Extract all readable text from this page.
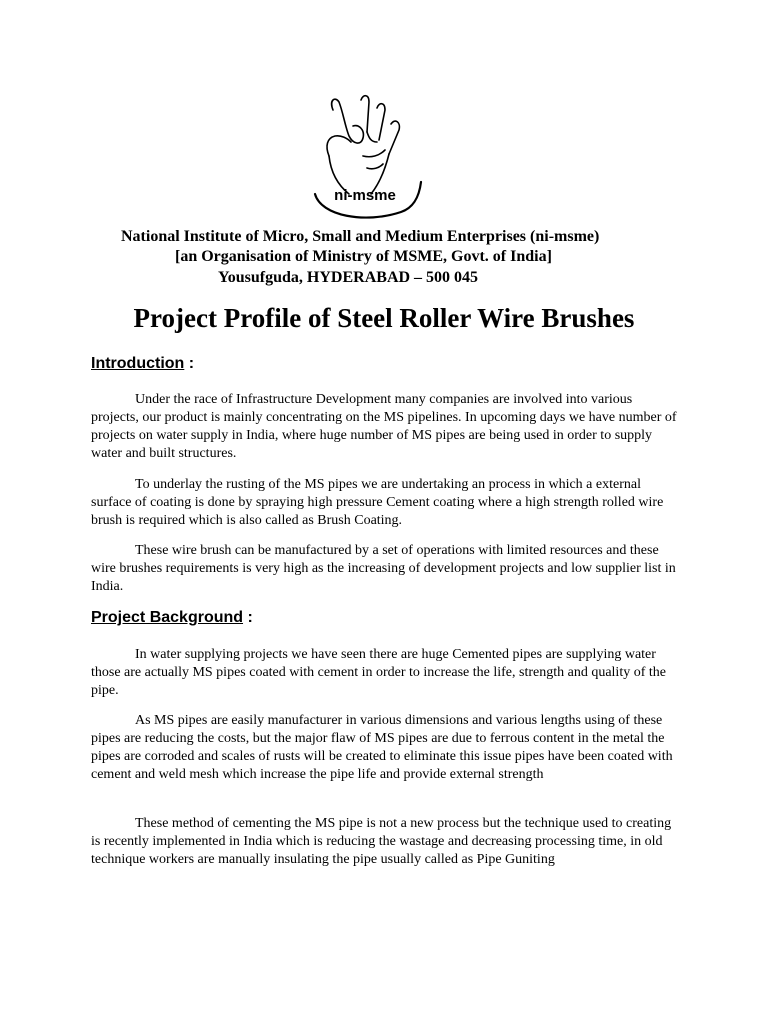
ni-msme
National Institute of Micro, Small and Medium Enterprises (ni-msme)
[an Organisation of Ministry of MSME, Govt. of India]
Yousufguda, HYDERABAD – 500 045
Project Profile of Steel Roller Wire Brushes
Introduction :

Under the race of Infrastructure Development many companies are involved into various projects, our product is mainly concentrating on the MS pipelines. In upcoming days we have number of projects on water supply in India, where huge number of MS pipes are being used in order to supply water and built structures.

To underlay the rusting of the MS pipes we are undertaking an process in which a external surface of coating is done by spraying high pressure Cement coating where a high strength rolled wire brush is required which is also called as Brush Coating.

These wire brush can be manufactured by a set of operations with limited resources and these wire brushes requirements is very high as the increasing of development projects and low supplier list in India.

Project Background :

In water supplying projects we have seen there are huge Cemented pipes are supplying water those are actually MS pipes coated with cement in order to increase the life, strength and quality of the pipe.

As MS pipes are easily manufacturer in various dimensions and various lengths using of these pipes are reducing the costs, but the major flaw of MS pipes are due to ferrous content in the metal the pipes are corroded and scales of rusts will be created to eliminate this issue pipes have been coated with cement and weld mesh which increase the pipe life and provide external strength

These method of cementing the MS pipe is not a new process but the technique used to creating is recently implemented in India which is reducing the wastage and decreasing processing time, in old technique workers are manually insulating the pipe usually called as Pipe Guniting
